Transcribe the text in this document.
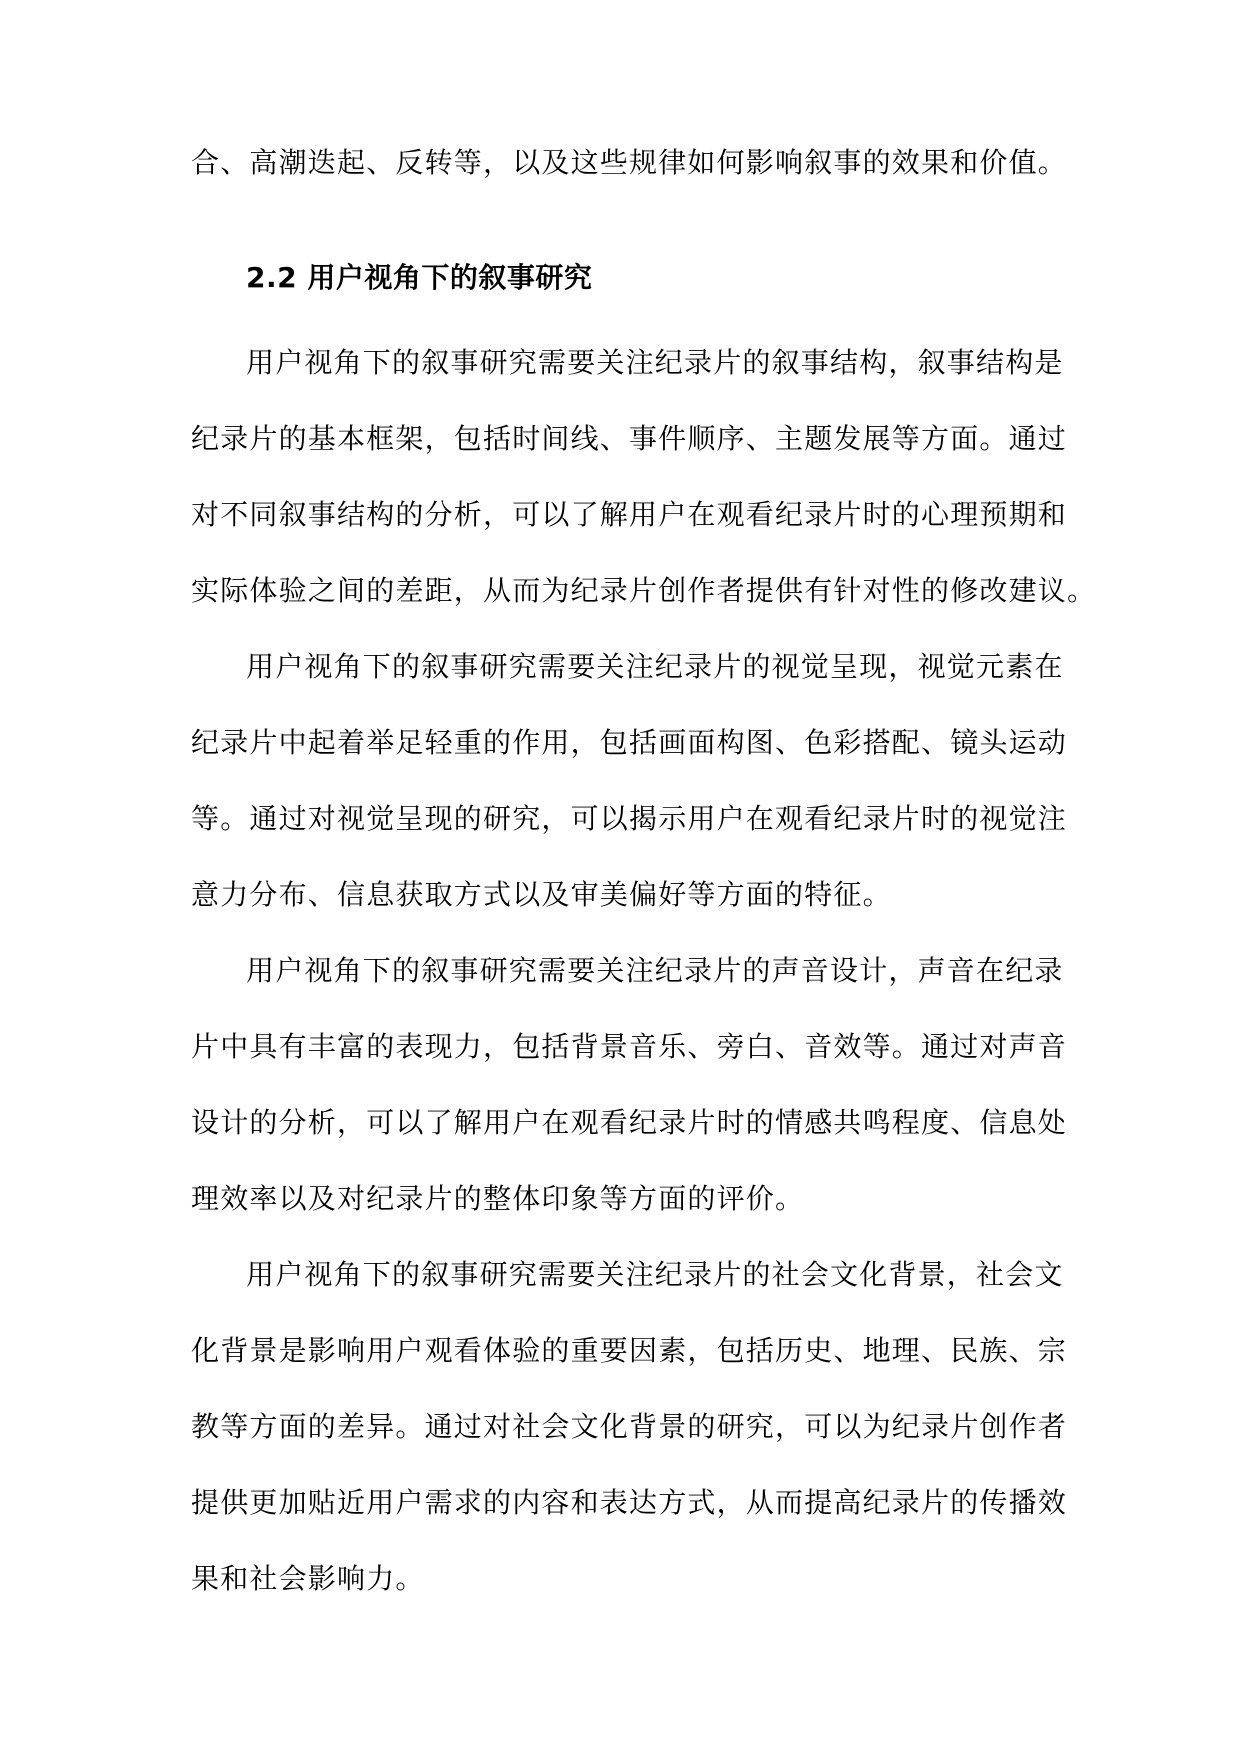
合、高潮迭起、反转等，以及这些规律如何影响叙事的效果和价值。
2.2 用户视角下的叙事研究
用户视角下的叙事研究需要关注纪录片的叙事结构，叙事结构是
纪录片的基本框架，包括时间线、事件顺序、主题发展等方面。通过
对不同叙事结构的分析，可以了解用户在观看纪录片时的心理预期和
实际体验之间的差距，从而为纪录片创作者提供有针对性的修改建议。
用户视角下的叙事研究需要关注纪录片的视觉呈现，视觉元素在
纪录片中起着举足轻重的作用，包括画面构图、色彩搭配、镜头运动
等。通过对视觉呈现的研究，可以揭示用户在观看纪录片时的视觉注
意力分布、信息获取方式以及审美偏好等方面的特征。
用户视角下的叙事研究需要关注纪录片的声音设计，声音在纪录
片中具有丰富的表现力，包括背景音乐、旁白、音效等。通过对声音
设计的分析，可以了解用户在观看纪录片时的情感共鸣程度、信息处
理效率以及对纪录片的整体印象等方面的评价。
用户视角下的叙事研究需要关注纪录片的社会文化背景，社会文
化背景是影响用户观看体验的重要因素，包括历史、地理、民族、宗
教等方面的差异。通过对社会文化背景的研究，可以为纪录片创作者
提供更加贴近用户需求的内容和表达方式，从而提高纪录片的传播效
果和社会影响力。
